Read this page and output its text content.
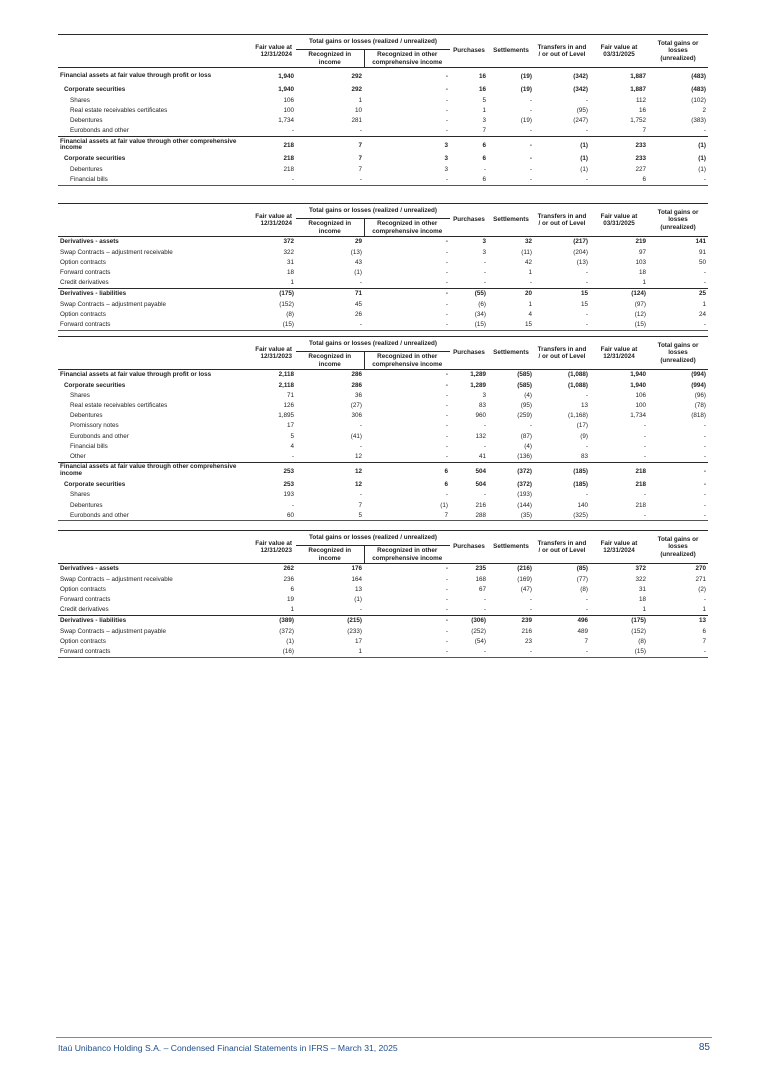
	Fair value at 12/31/2024	Total gains or losses (realized / unrealized)		Purchases	Settlements	Transfers in and / or out of Level	Fair value at 03/31/2025	Total gains or losses (unrealized)
		Recognized in income	Recognized in other comprehensive income					
Financial assets at fair value through profit or loss	1,940	292	-	16	(19)	(342)	1,887	(483)
Corporate securities	1,940	292	-	16	(19)	(342)	1,887	(483)
Shares	106	1	-	5	-	-	112	(102)
Real estate receivables certificates	100	10	-	1	-	(95)	16	2
Debentures	1,734	281	-	3	(19)	(247)	1,752	(383)
Eurobonds and other	-	-	-	7	-	-	7	-
Financial assets at fair value through other comprehensive income	218	7	3	6	-	(1)	233	(1)
Corporate securities	218	7	3	6	-	(1)	233	(1)
Debentures	218	7	3	-	-	(1)	227	(1)
Financial bills	-	-	-	6	-	-	6	-
	Fair value at 12/31/2024	Total gains or losses (realized / unrealized)		Purchases	Settlements	Transfers in and / or out of Level	Fair value at 03/31/2025	Total gains or losses (unrealized)
		Recognized in income	Recognized in other comprehensive income					
Derivatives - assets	372	29	-	3	32	(217)	219	141
Swap Contracts – adjustment receivable	322	(13)	-	3	(11)	(204)	97	91
Option contracts	31	43	-	-	42	(13)	103	50
Forward contracts	18	(1)	-	-	1	-	18	-
Credit derivatives	1	-	-	-	-	-	1	-
Derivatives - liabilities	(175)	71	-	(55)	20	15	(124)	25
Swap Contracts – adjustment payable	(152)	45	-	(6)	1	15	(97)	1
Option contracts	(8)	26	-	(34)	4	-	(12)	24
Forward contracts	(15)	-	-	(15)	15	-	(15)	-
	Fair value at 12/31/2023	Total gains or losses (realized / unrealized)		Purchases	Settlements	Transfers in and / or out of Level	Fair value at 12/31/2024	Total gains or losses (unrealized)
		Recognized in income	Recognized in other comprehensive income					
Financial assets at fair value through profit or loss	2,118	286	-	1,289	(585)	(1,088)	1,940	(994)
Corporate securities	2,118	286	-	1,289	(585)	(1,088)	1,940	(994)
Shares	71	36	-	3	(4)	-	106	(96)
Real estate receivables certificates	126	(27)	-	83	(95)	13	100	(78)
Debentures	1,895	306	-	960	(259)	(1,168)	1,734	(818)
Promissory notes	17	-	-	-	-	(17)	-	-
Eurobonds and other	5	(41)	-	132	(87)	(9)	-	-
Financial bills	4	-	-	-	(4)	-	-	-
Other	-	12	-	41	(136)	83	-	-
Financial assets at fair value through other comprehensive income	253	12	6	504	(372)	(185)	218	-
Corporate securities	253	12	6	504	(372)	(185)	218	-
Shares	193	-	-	-	(193)	-	-	-
Debentures	-	7	(1)	216	(144)	140	218	-
Eurobonds and other	60	5	7	288	(35)	(325)	-	-
	Fair value at 12/31/2023	Total gains or losses (realized / unrealized)		Purchases	Settlements	Transfers in and / or out of Level	Fair value at 12/31/2024	Total gains or losses (unrealized)
		Recognized in income	Recognized in other comprehensive income					
Derivatives - assets	262	176	-	235	(216)	(85)	372	270
Swap Contracts – adjustment receivable	236	164	-	168	(169)	(77)	322	271
Option contracts	6	13	-	67	(47)	(8)	31	(2)
Forward contracts	19	(1)	-	-	-	-	18	-
Credit derivatives	1	-	-	-	-	-	1	1
Derivatives - liabilities	(389)	(215)	-	(306)	239	496	(175)	13
Swap Contracts – adjustment payable	(372)	(233)	-	(252)	216	489	(152)	6
Option contracts	(1)	17	-	(54)	23	7	(8)	7
Forward contracts	(16)	1	-	-	-	-	(15)	-
Itaú Unibanco Holding S.A. – Condensed Financial Statements in IFRS – March 31, 2025	85
